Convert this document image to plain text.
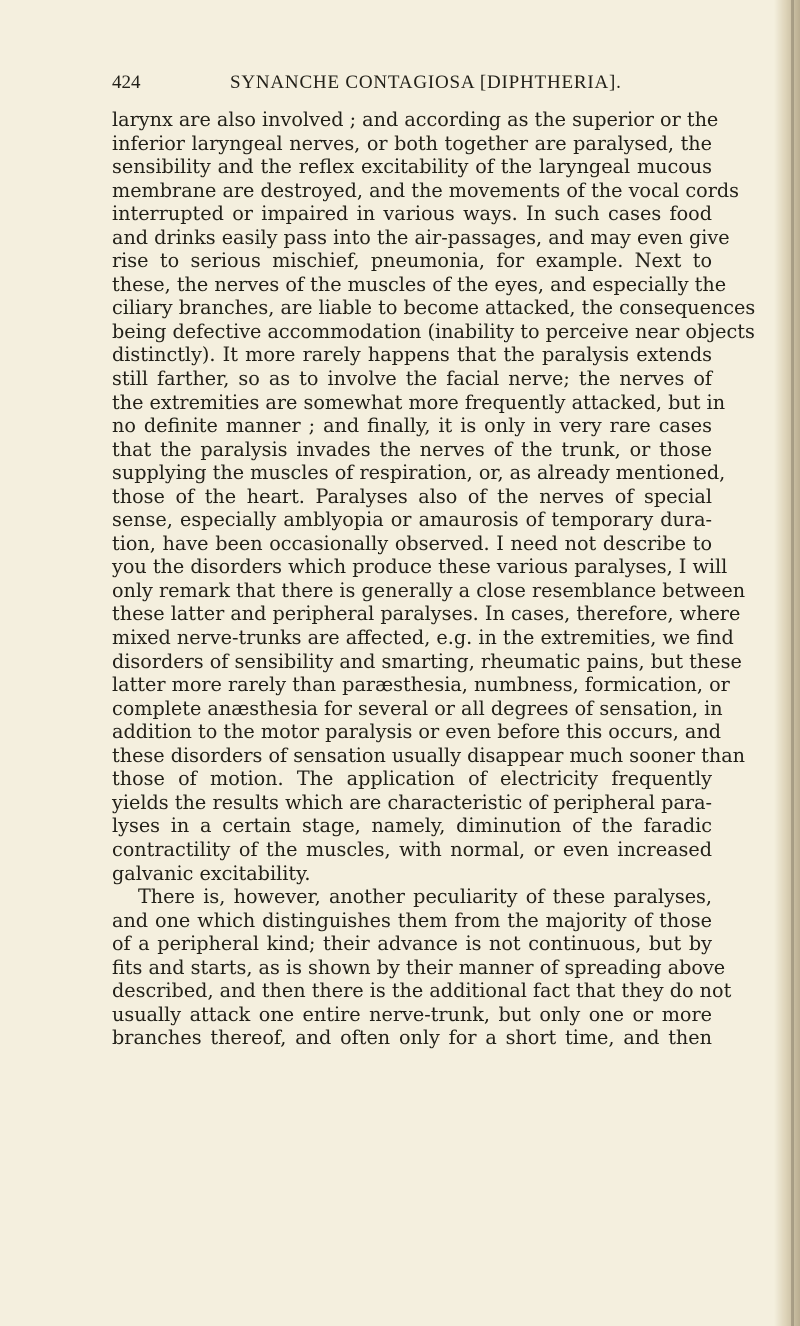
424	SYNANCHE CONTAGIOSA [DIPHTHERIA].
larynx are also involved ; and according as the superior or the
inferior laryngeal nerves, or both together are paralysed, the
sensibility and the reflex excitability of the laryngeal mucous
membrane are destroyed, and the movements of the vocal cords
interrupted or impaired in various ways. In such cases food
and drinks easily pass into the air-passages, and may even give
rise to serious mischief, pneumonia, for example. Next to
these, the nerves of the muscles of the eyes, and especially the
ciliary branches, are liable to become attacked, the consequences
being defective accommodation (inability to perceive near objects
distinctly). It more rarely happens that the paralysis extends
still farther, so as to involve the facial nerve; the nerves of
the extremities are somewhat more frequently attacked, but in
no definite manner ; and finally, it is only in very rare cases
that the paralysis invades the nerves of the trunk, or those
supplying the muscles of respiration, or, as already mentioned,
those of the heart. Paralyses also of the nerves of special
sense, especially amblyopia or amaurosis of temporary dura-
tion, have been occasionally observed. I need not describe to
you the disorders which produce these various paralyses, I will
only remark that there is generally a close resemblance between
these latter and peripheral paralyses. In cases, therefore, where
mixed nerve-trunks are affected, e.g. in the extremities, we find
disorders of sensibility and smarting, rheumatic pains, but these
latter more rarely than paræsthesia, numbness, formication, or
complete anæsthesia for several or all degrees of sensation, in
addition to the motor paralysis or even before this occurs, and
these disorders of sensation usually disappear much sooner than
those of motion. The application of electricity frequently
yields the results which are characteristic of peripheral para-
lyses in a certain stage, namely, diminution of the faradic
contractility of the muscles, with normal, or even increased
galvanic excitability.
There is, however, another peculiarity of these paralyses,
and one which distinguishes them from the majority of those
of a peripheral kind; their advance is not continuous, but by
fits and starts, as is shown by their manner of spreading above
described, and then there is the additional fact that they do not
usually attack one entire nerve-trunk, but only one or more
branches thereof, and often only for a short time, and then
